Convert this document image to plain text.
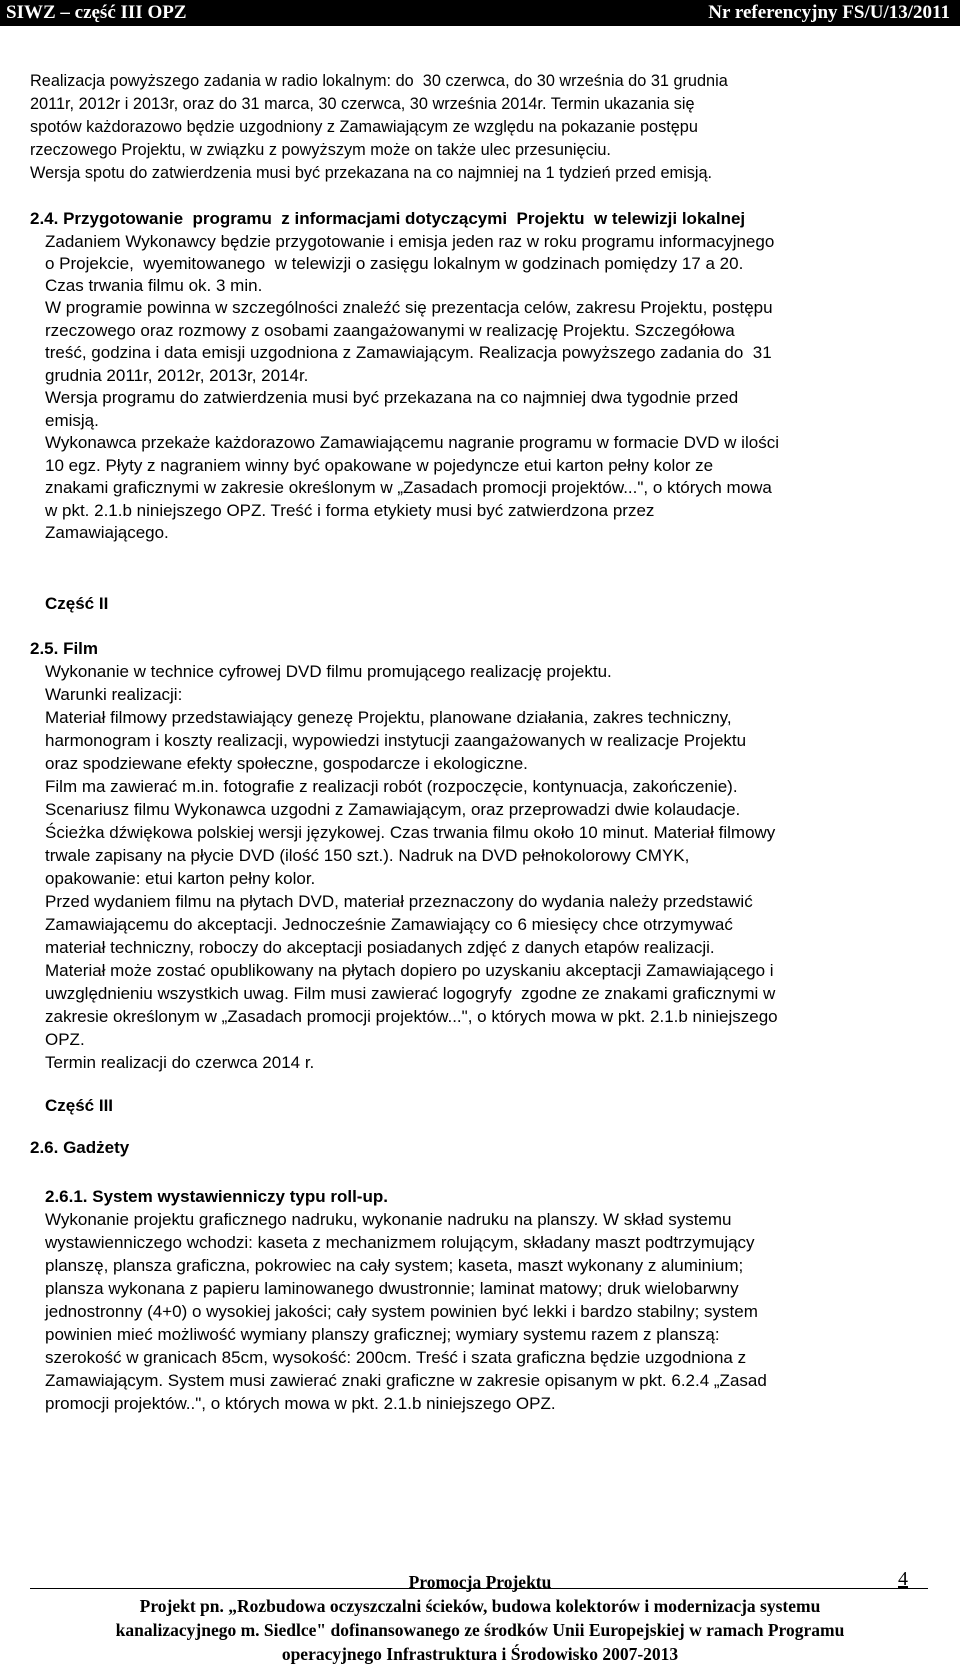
SIWZ – część III OPZ	Nr referencyjny FS/U/13/2011

Realizacja powyższego zadania w radio lokalnym: do  30 czerwca, do 30 września do 31 grudnia

2011r, 2012r i 2013r, oraz do 31 marca, 30 czerwca, 30 września 2014r. Termin ukazania się

spotów każdorazowo będzie uzgodniony z Zamawiającym ze względu na pokazanie postępu

rzeczowego Projektu, w związku z powyższym może on także ulec przesunięciu.

Wersja spotu do zatwierdzenia musi być przekazana na co najmniej na 1 tydzień przed emisją.

2.4. Przygotowanie  programu  z informacjami dotyczącymi  Projektu  w telewizji lokalnej

Zadaniem Wykonawcy będzie przygotowanie i emisja jeden raz w roku programu informacyjnego

o Projekcie,  wyemitowanego  w telewizji o zasięgu lokalnym w godzinach pomiędzy 17 a 20.

Czas trwania filmu ok. 3 min.

W programie powinna w szczególności znaleźć się prezentacja celów, zakresu Projektu, postępu

rzeczowego oraz rozmowy z osobami zaangażowanymi w realizację Projektu. Szczegółowa

treść, godzina i data emisji uzgodniona z Zamawiającym. Realizacja powyższego zadania do  31

grudnia 2011r, 2012r, 2013r, 2014r.

Wersja programu do zatwierdzenia musi być przekazana na co najmniej dwa tygodnie przed

emisją.

Wykonawca przekaże każdorazowo Zamawiającemu nagranie programu w formacie DVD w ilości

10 egz. Płyty z nagraniem winny być opakowane w pojedyncze etui karton pełny kolor ze

znakami graficznymi w zakresie określonym w „Zasadach promocji projektów...", o których mowa

w pkt. 2.1.b niniejszego OPZ. Treść i forma etykiety musi być zatwierdzona przez

Zamawiającego.

Część II

2.5. Film

Wykonanie w technice cyfrowej DVD filmu promującego realizację projektu.

Warunki realizacji:

Materiał filmowy przedstawiający genezę Projektu, planowane działania, zakres techniczny,

harmonogram i koszty realizacji, wypowiedzi instytucji zaangażowanych w realizacje Projektu

oraz spodziewane efekty społeczne, gospodarcze i ekologiczne.

Film ma zawierać m.in. fotografie z realizacji robót (rozpoczęcie, kontynuacja, zakończenie).

Scenariusz filmu Wykonawca uzgodni z Zamawiającym, oraz przeprowadzi dwie kolaudacje.

Ścieżka dźwiękowa polskiej wersji językowej. Czas trwania filmu około 10 minut. Materiał filmowy

trwale zapisany na płycie DVD (ilość 150 szt.). Nadruk na DVD pełnokolorowy CMYK,

opakowanie: etui karton pełny kolor.

Przed wydaniem filmu na płytach DVD, materiał przeznaczony do wydania należy przedstawić

Zamawiającemu do akceptacji. Jednocześnie Zamawiający co 6 miesięcy chce otrzymywać

materiał techniczny, roboczy do akceptacji posiadanych zdjęć z danych etapów realizacji.

Materiał może zostać opublikowany na płytach dopiero po uzyskaniu akceptacji Zamawiającego i

uwzględnieniu wszystkich uwag. Film musi zawierać logogryfy  zgodne ze znakami graficznymi w

zakresie określonym w „Zasadach promocji projektów...", o których mowa w pkt. 2.1.b niniejszego

OPZ.

Termin realizacji do czerwca 2014 r.

Część III

2.6. Gadżety

2.6.1. System wystawienniczy typu roll-up.

Wykonanie projektu graficznego nadruku, wykonanie nadruku na planszy. W skład systemu

wystawienniczego wchodzi: kaseta z mechanizmem rolującym, składany maszt podtrzymujący

planszę, plansza graficzna, pokrowiec na cały system; kaseta, maszt wykonany z aluminium;

plansza wykonana z papieru laminowanego dwustronnie; laminat matowy; druk wielobarwny

jednostronny (4+0) o wysokiej jakości; cały system powinien być lekki i bardzo stabilny; system

powinien mieć możliwość wymiany planszy graficznej; wymiary systemu razem z planszą:

szerokość w granicach 85cm, wysokość: 200cm. Treść i szata graficzna będzie uzgodniona z

Zamawiającym. System musi zawierać znaki graficzne w zakresie opisanym w pkt. 6.2.4 „Zasad

promocji projektów..", o których mowa w pkt. 2.1.b niniejszego OPZ.

4

Promocja Projektu

Projekt pn. „Rozbudowa oczyszczalni ścieków, budowa kolektorów i modernizacja systemu

kanalizacyjnego m. Siedlce" dofinansowanego ze środków Unii Europejskiej w ramach Programu

operacyjnego Infrastruktura i Środowisko 2007-2013
